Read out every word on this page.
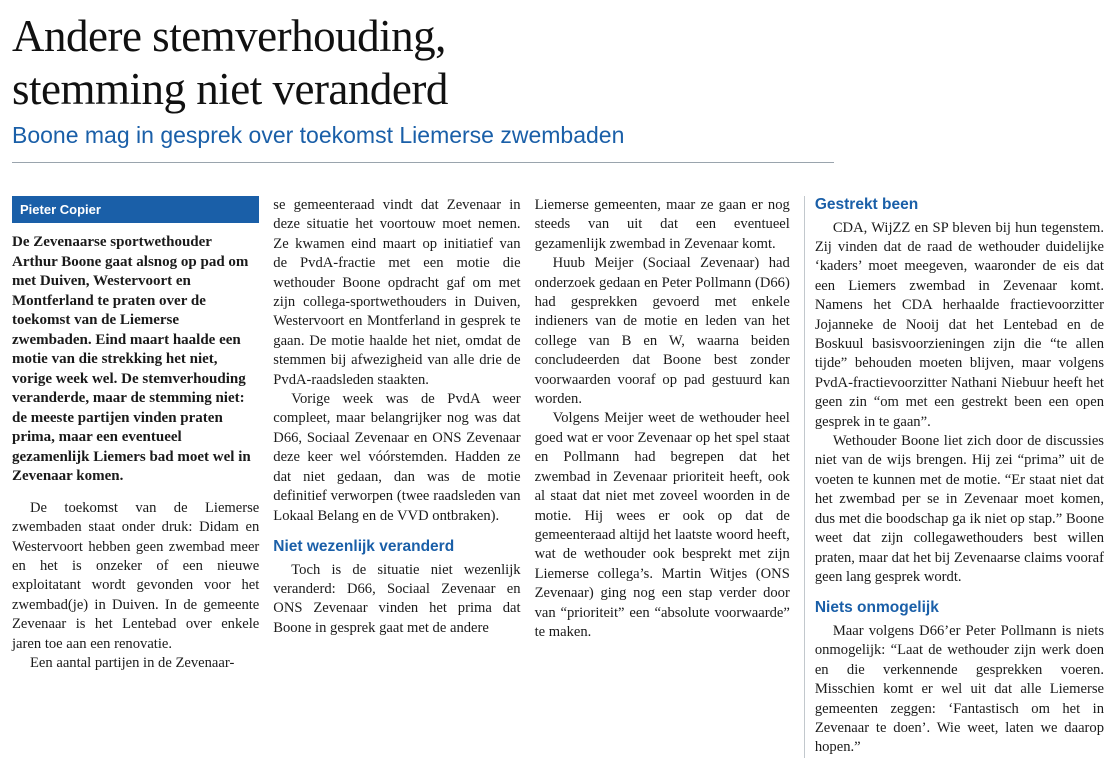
Andere stemverhouding,
stemming niet veranderd
Boone mag in gesprek over toekomst Liemerse zwembaden
Pieter Copier

De Zevenaarse sportwethouder Arthur Boone gaat alsnog op pad om met Duiven, Westervoort en Montferland te praten over de toekomst van de Liemerse zwembaden. Eind maart haalde een motie van die strekking het niet, vorige week wel. De stemverhouding veranderde, maar de stemming niet: de meeste partijen vinden praten prima, maar een eventueel gezamenlijk Liemers bad moet wel in Zevenaar komen.

De toekomst van de Liemerse zwembaden staat onder druk: Didam en Westervoort hebben geen zwembad meer en het is onzeker of een nieuwe exploitatant wordt gevonden voor het zwembad(je) in Duiven. In de gemeente Zevenaar is het Lentebad over enkele jaren toe aan een renovatie.

Een aantal partijen in de Zevenaar-

se gemeenteraad vindt dat Zevenaar in deze situatie het voortouw moet nemen. Ze kwamen eind maart op initiatief van de PvdA-fractie met een motie die wethouder Boone opdracht gaf om met zijn collega-sportwethouders in Duiven, Westervoort en Montferland in gesprek te gaan. De motie haalde het niet, omdat de stemmen bij afwezigheid van alle drie de PvdA-raadsleden staakten.

Vorige week was de PvdA weer compleet, maar belangrijker nog was dat D66, Sociaal Zevenaar en ONS Zevenaar deze keer wel vóórstemden. Hadden ze dat niet gedaan, dan was de motie definitief verworpen (twee raadsleden van Lokaal Belang en de VVD ontbraken).

Niet wezenlijk veranderd

Toch is de situatie niet wezenlijk veranderd: D66, Sociaal Zevenaar en ONS Zevenaar vinden het prima dat Boone in gesprek gaat met de andere

Liemerse gemeenten, maar ze gaan er nog steeds van uit dat een eventueel gezamenlijk zwembad in Zevenaar komt.

Huub Meijer (Sociaal Zevenaar) had onderzoek gedaan en Peter Pollmann (D66) had gesprekken gevoerd met enkele indieners van de motie en leden van het college van B en W, waarna beiden concludeerden dat Boone best zonder voorwaarden vooraf op pad gestuurd kan worden.

Volgens Meijer weet de wethouder heel goed wat er voor Zevenaar op het spel staat en Pollmann had begrepen dat het zwembad in Zevenaar prioriteit heeft, ook al staat dat niet met zoveel woorden in de motie. Hij wees er ook op dat de gemeenteraad altijd het laatste woord heeft, wat de wethouder ook besprekt met zijn Liemerse collega’s. Martin Witjes (ONS Zevenaar) ging nog een stap verder door van “prioriteit” een “absolute voorwaarde” te maken.

Gestrekt been

CDA, WijZZ en SP bleven bij hun tegenstem. Zij vinden dat de raad de wethouder duidelijke ‘kaders’ moet meegeven, waaronder de eis dat een Liemers zwembad in Zevenaar komt. Namens het CDA herhaalde fractievoorzitter Jojanneke de Nooij dat het Lentebad en de Boskuul basisvoorzieningen zijn die “te allen tijde” behouden moeten blijven, maar volgens PvdA-fractievoorzitter Nathani Niebuur heeft het geen zin “om met een gestrekt been een open gesprek in te gaan”.

Wethouder Boone liet zich door de discussies niet van de wijs brengen. Hij zei “prima” uit de voeten te kunnen met de motie. “Er staat niet dat het zwembad per se in Zevenaar moet komen, dus met die boodschap ga ik niet op stap.” Boone weet dat zijn collegawethouders best willen praten, maar dat het bij Zevenaarse claims vooraf geen lang gesprek wordt.

Niets onmogelijk

Maar volgens D66’er Peter Pollmann is niets onmogelijk: “Laat de wethouder zijn werk doen en die verkennende gesprekken voeren. Misschien komt er wel uit dat alle Liemerse gemeenten zeggen: ‘Fantastisch om het in Zevenaar te doen’. Wie weet, laten we daarop hopen.”
